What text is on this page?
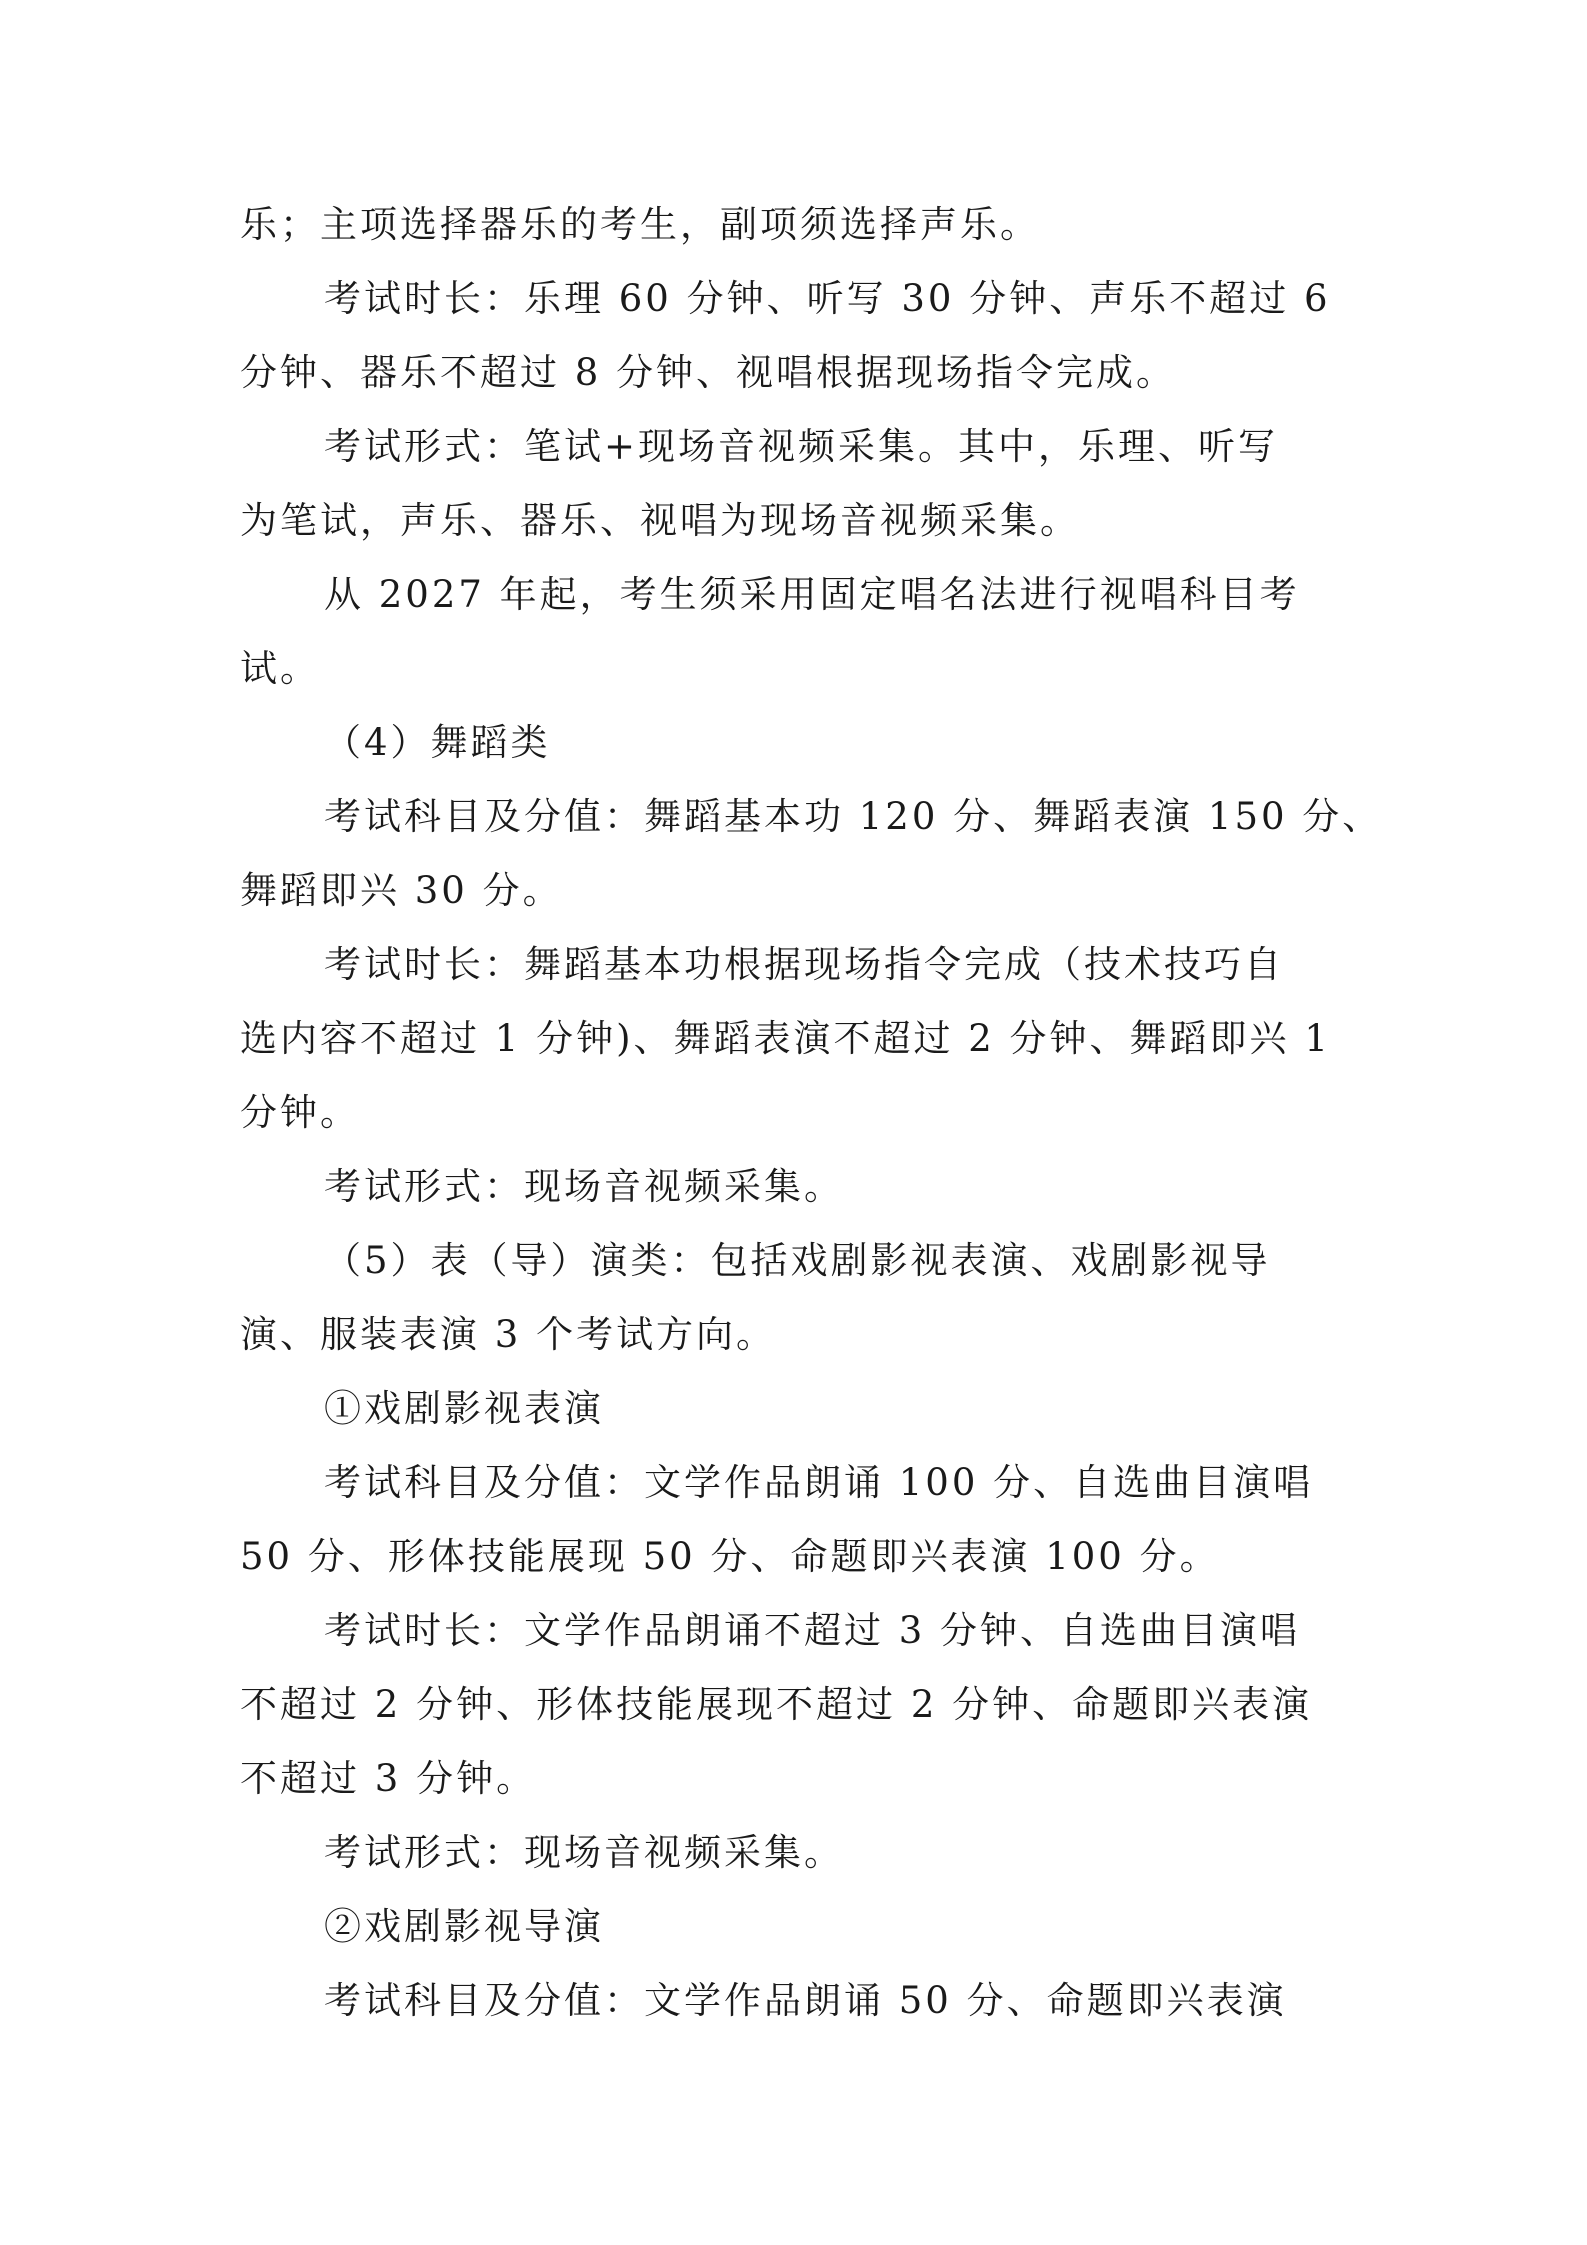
乐；主项选择器乐的考生，副项须选择声乐。
考试时长：乐理 60 分钟、听写 30 分钟、声乐不超过 6
分钟、器乐不超过 8 分钟、视唱根据现场指令完成。
考试形式：笔试+现场音视频采集。其中，乐理、听写
为笔试，声乐、器乐、视唱为现场音视频采集。
从 2027 年起，考生须采用固定唱名法进行视唱科目考
试。
（4）舞蹈类
考试科目及分值：舞蹈基本功 120 分、舞蹈表演 150 分、
舞蹈即兴 30 分。
考试时长：舞蹈基本功根据现场指令完成（技术技巧自
选内容不超过 1 分钟)、舞蹈表演不超过 2 分钟、舞蹈即兴 1
分钟。
考试形式：现场音视频采集。
（5）表（导）演类：包括戏剧影视表演、戏剧影视导
演、服装表演 3 个考试方向。
①戏剧影视表演
考试科目及分值：文学作品朗诵 100 分、自选曲目演唱
50 分、形体技能展现 50 分、命题即兴表演 100 分。
考试时长：文学作品朗诵不超过 3 分钟、自选曲目演唱
不超过 2 分钟、形体技能展现不超过 2 分钟、命题即兴表演
不超过 3 分钟。
考试形式：现场音视频采集。
②戏剧影视导演
考试科目及分值：文学作品朗诵 50 分、命题即兴表演
